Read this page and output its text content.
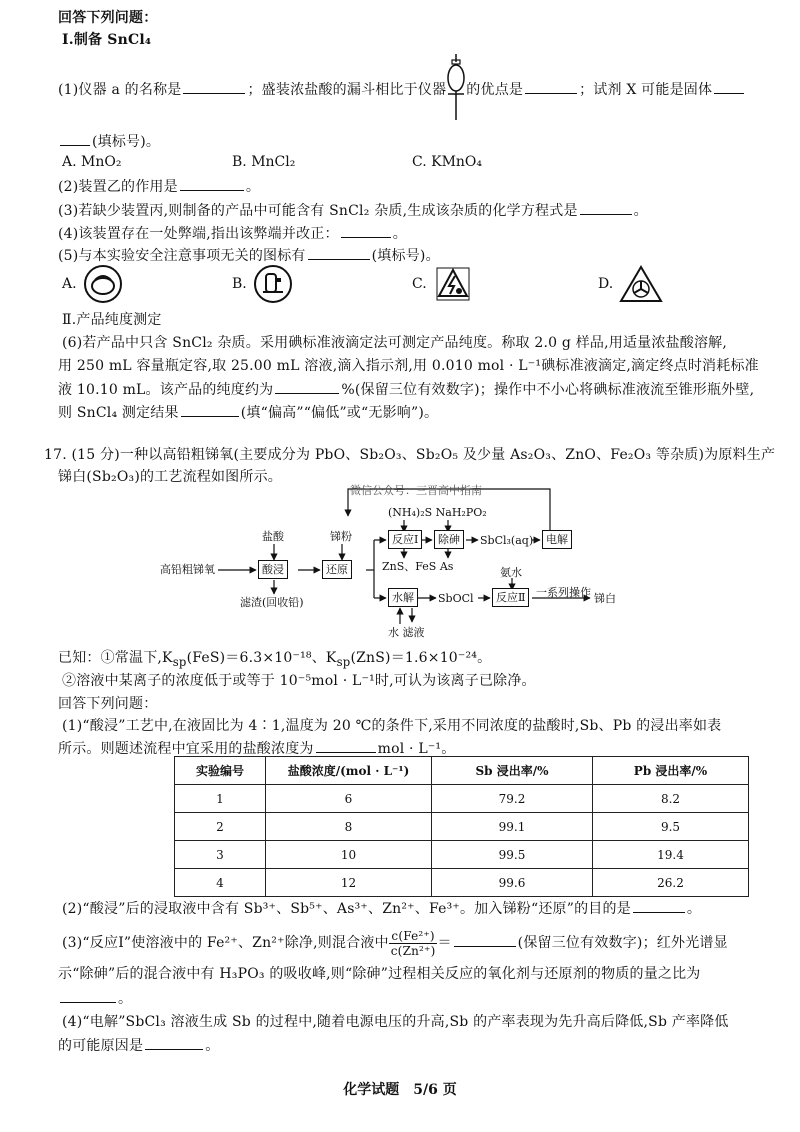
回答下列问题：
Ⅰ.制备 SnCl₄
(1)仪器 a 的名称是	；盛装浓盐酸的漏斗相比于仪器 的优点是	；试剂 X 可能是固体
(填标号)。
A. MnO₂	B. MnCl₂	C. KMnO₄
(2)装置乙的作用是	。
(3)若缺少装置丙,则制备的产品中可能含有 SnCl₂ 杂质,生成该杂质的化学方程式是	。
(4)该装置存在一处弊端,指出该弊端并改正：	。
(5)与本实验安全注意事项无关的图标有	(填标号)。
A.	B.	C.	D.
Ⅱ.产品纯度测定
(6)若产品中只含 SnCl₂ 杂质。采用碘标准液滴定法可测定产品纯度。称取 2.0 g 样品,用适量浓盐酸溶解,
用 250 mL 容量瓶定容,取 25.00 mL 溶液,滴入指示剂,用 0.010 mol · L⁻¹碘标准液滴定,滴定终点时消耗标准
液 10.10 mL。该产品的纯度约为	%(保留三位有效数字)；操作中不小心将碘标准液流至锥形瓶外壁,
则 SnCl₄ 测定结果	(填“偏高”“偏低”或“无影响”)。
17. (15 分)一种以高铅粗锑氧(主要成分为 PbO、Sb₂O₃、Sb₂O₅ 及少量 As₂O₃、ZnO、Fe₂O₃ 等杂质)为原料生产
锑白(Sb₂O₃)的工艺流程如图所示。
微信公众号：三晋高中指南
高铅粗锑氧
盐酸
酸浸
滤渣(回收铅)
锑粉
还原
(NH₄)₂S NaH₂PO₂
反应Ⅰ	除砷	SbCl₃(aq)	电解
ZnS、FeS As
水解
水 滤液
SbOCl
氨水
反应Ⅱ 一系列操作 锑白
已知：①常温下$,K_{sp}(FeS)=6.3\times 10^{-18}$、$K_{sp}(ZnS)=1.6\times 10^{-24}$。
②溶液中某离子的浓度低于或等于 10⁻⁵mol · L⁻¹时,可认为该离子已除净。
回答下列问题：
(1)“酸浸”工艺中,在液固比为 4∶1,温度为 20 ℃的条件下,采用不同浓度的盐酸时,Sb、Pb 的浸出率如表
所示。则题述流程中宜采用的盐酸浓度为	mol · L⁻¹。
实验编号	盐酸浓度/(mol · L⁻¹)	Sb 浸出率/%	Pb 浸出率/%
1	6	79.2	8.2
2	8	99.1	9.5
3	10	99.5	19.4
4	12	99.6	26.2
(2)“酸浸”后的浸取液中含有 Sb³⁺、Sb⁵⁺、As³⁺、Zn²⁺、Fe³⁺。加入锑粉“还原”的目的是	。
(3)“反应Ⅰ”使溶液中的 Fe²⁺、Zn²⁺除净,则混合液中 $\frac{\text{c(Fe²⁺)}}{\text{c(Zn²⁺)}}$ ＝	(保留三位有效数字)；红外光谱显
示“除砷”后的混合液中有 H₃PO₃ 的吸收峰,则“除砷”过程相关反应的氧化剂与还原剂的物质的量之比为
。
(4)“电解”SbCl₃ 溶液生成 Sb 的过程中,随着电源电压的升高,Sb 的产率表现为先升高后降低,Sb 产率降低
的可能原因是	。
化学试题　5/6 页
